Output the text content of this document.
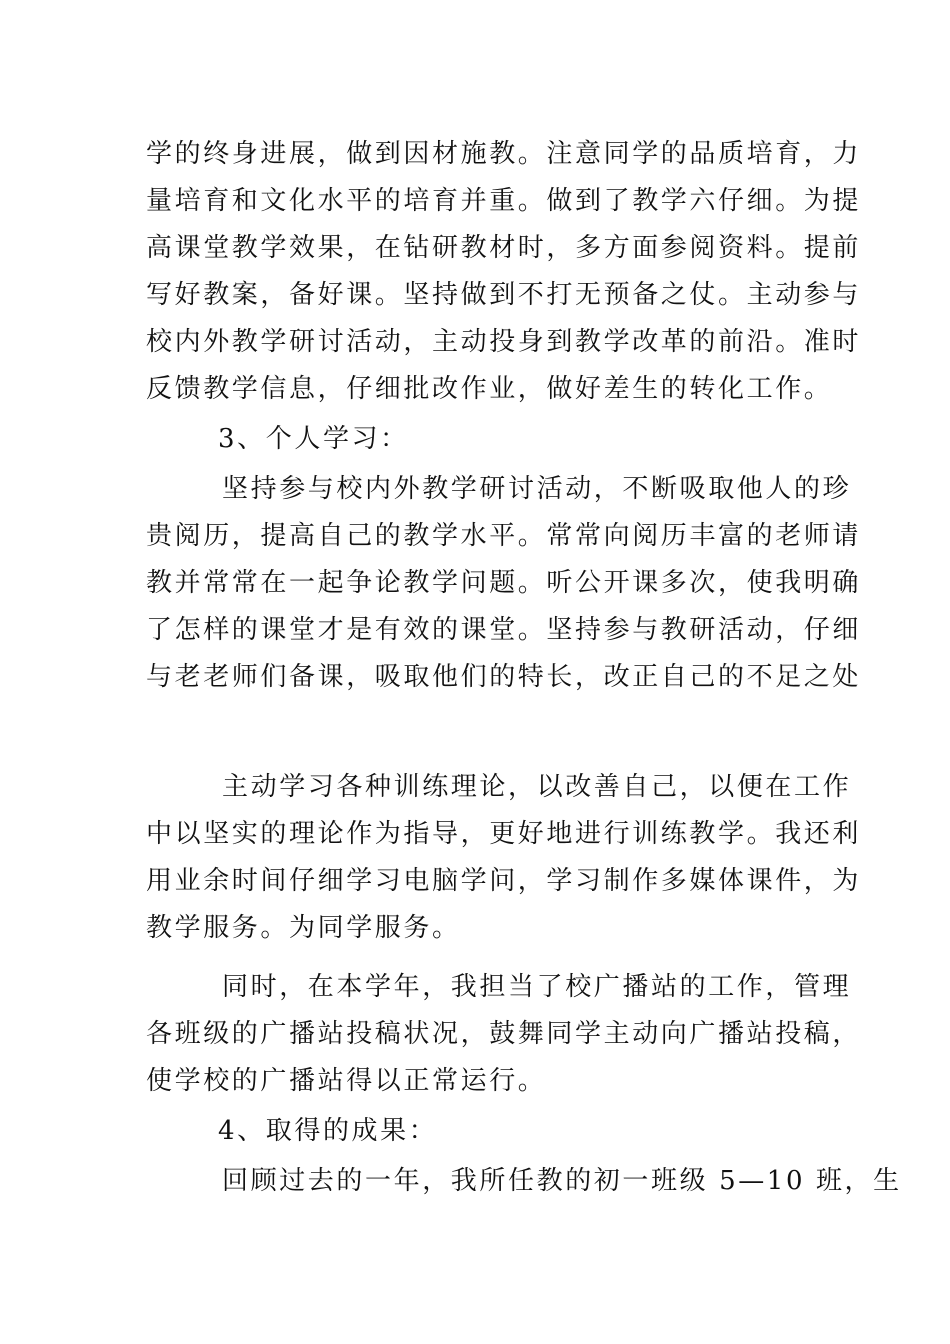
学的终身进展，做到因材施教。注意同学的品质培育，力
量培育和文化水平的培育并重。做到了教学六仔细。为提
高课堂教学效果，在钻研教材时，多方面参阅资料。提前
写好教案，备好课。坚持做到不打无预备之仗。主动参与
校内外教学研讨活动，主动投身到教学改革的前沿。准时
反馈教学信息，仔细批改作业，做好差生的转化工作。
3、个人学习：
坚持参与校内外教学研讨活动，不断吸取他人的珍
贵阅历，提高自己的教学水平。常常向阅历丰富的老师请
教并常常在一起争论教学问题。听公开课多次，使我明确
了怎样的课堂才是有效的课堂。坚持参与教研活动，仔细
与老老师们备课，吸取他们的特长，改正自己的不足之处
主动学习各种训练理论，以改善自己，以便在工作
中以坚实的理论作为指导，更好地进行训练教学。我还利
用业余时间仔细学习电脑学问，学习制作多媒体课件，为
教学服务。为同学服务。
同时，在本学年，我担当了校广播站的工作，管理
各班级的广播站投稿状况，鼓舞同学主动向广播站投稿，
使学校的广播站得以正常运行。
4、取得的成果：
回顾过去的一年，我所任教的初一班级 5—10 班，生
